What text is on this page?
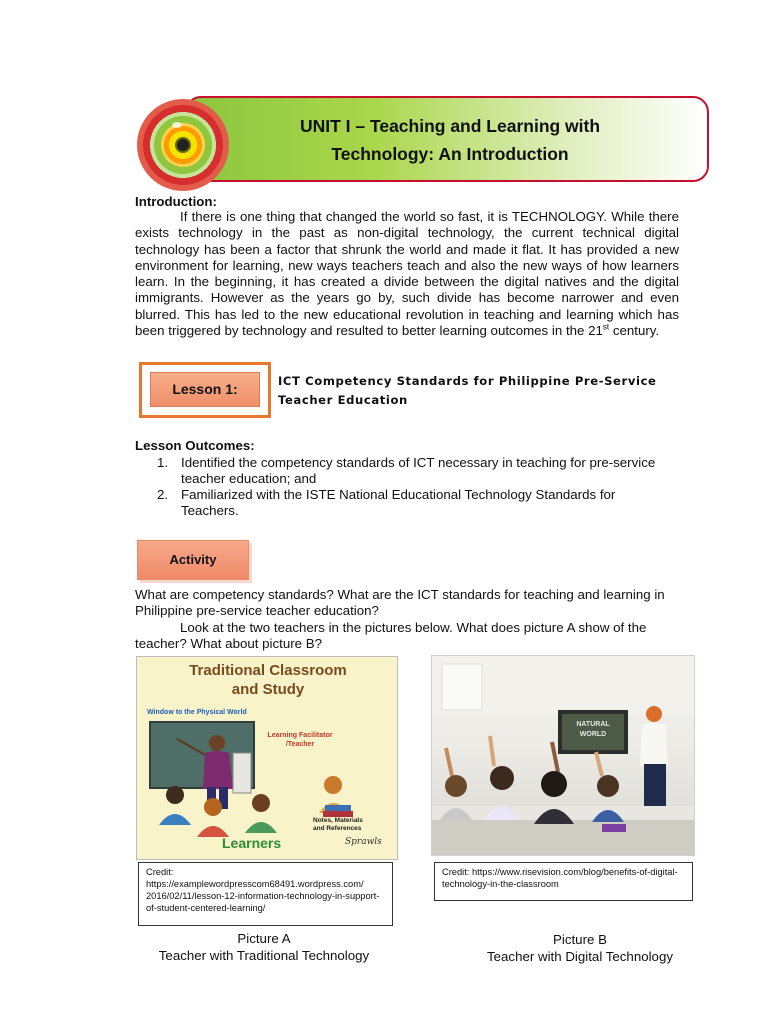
UNIT I – Teaching and Learning with
Technology: An Introduction
Introduction:
If there is one thing that changed the world so fast, it is TECHNOLOGY. While there exists technology in the past as non-digital technology, the current technical digital technology has been a factor that shrunk the world and made it flat. It has provided a new environment for learning, new ways teachers teach and also the new ways of how learners learn. In the beginning, it has created a divide between the digital natives and the digital immigrants. However as the years go by, such divide has become narrower and even blurred. This has led to the new educational revolution in teaching and learning which has been triggered by technology and resulted to better learning outcomes in the 21st century.
Lesson 1:	ICT Competency Standards for Philippine Pre-Service Teacher Education
Lesson Outcomes:
1. Identified the competency standards of ICT necessary in teaching for pre-service teacher education; and
2. Familiarized with the ISTE National Educational Technology Standards for Teachers.
Activity
What are competency standards? What are the ICT standards for teaching and learning in Philippine pre-service teacher education?
Look at the two teachers in the pictures below. What does picture A show of the teacher? What about picture B?
Traditional Classroom
and Study
Window to the Physical World
Learning Facilitator
/Teacher
Notes, Materials
and References
Learners	Sprawls
NATURAL
WORLD
Credit: https://examplewordpresscom68491.wordpress.com/ 2016/02/11/lesson-12-information-technology-in-support-of-student-centered-learning/
Credit: https://www.risevision.com/blog/benefits-of-digital-technology-in-the-classroom
Picture A
Teacher with Traditional Technology
Picture B
Teacher with Digital Technology
